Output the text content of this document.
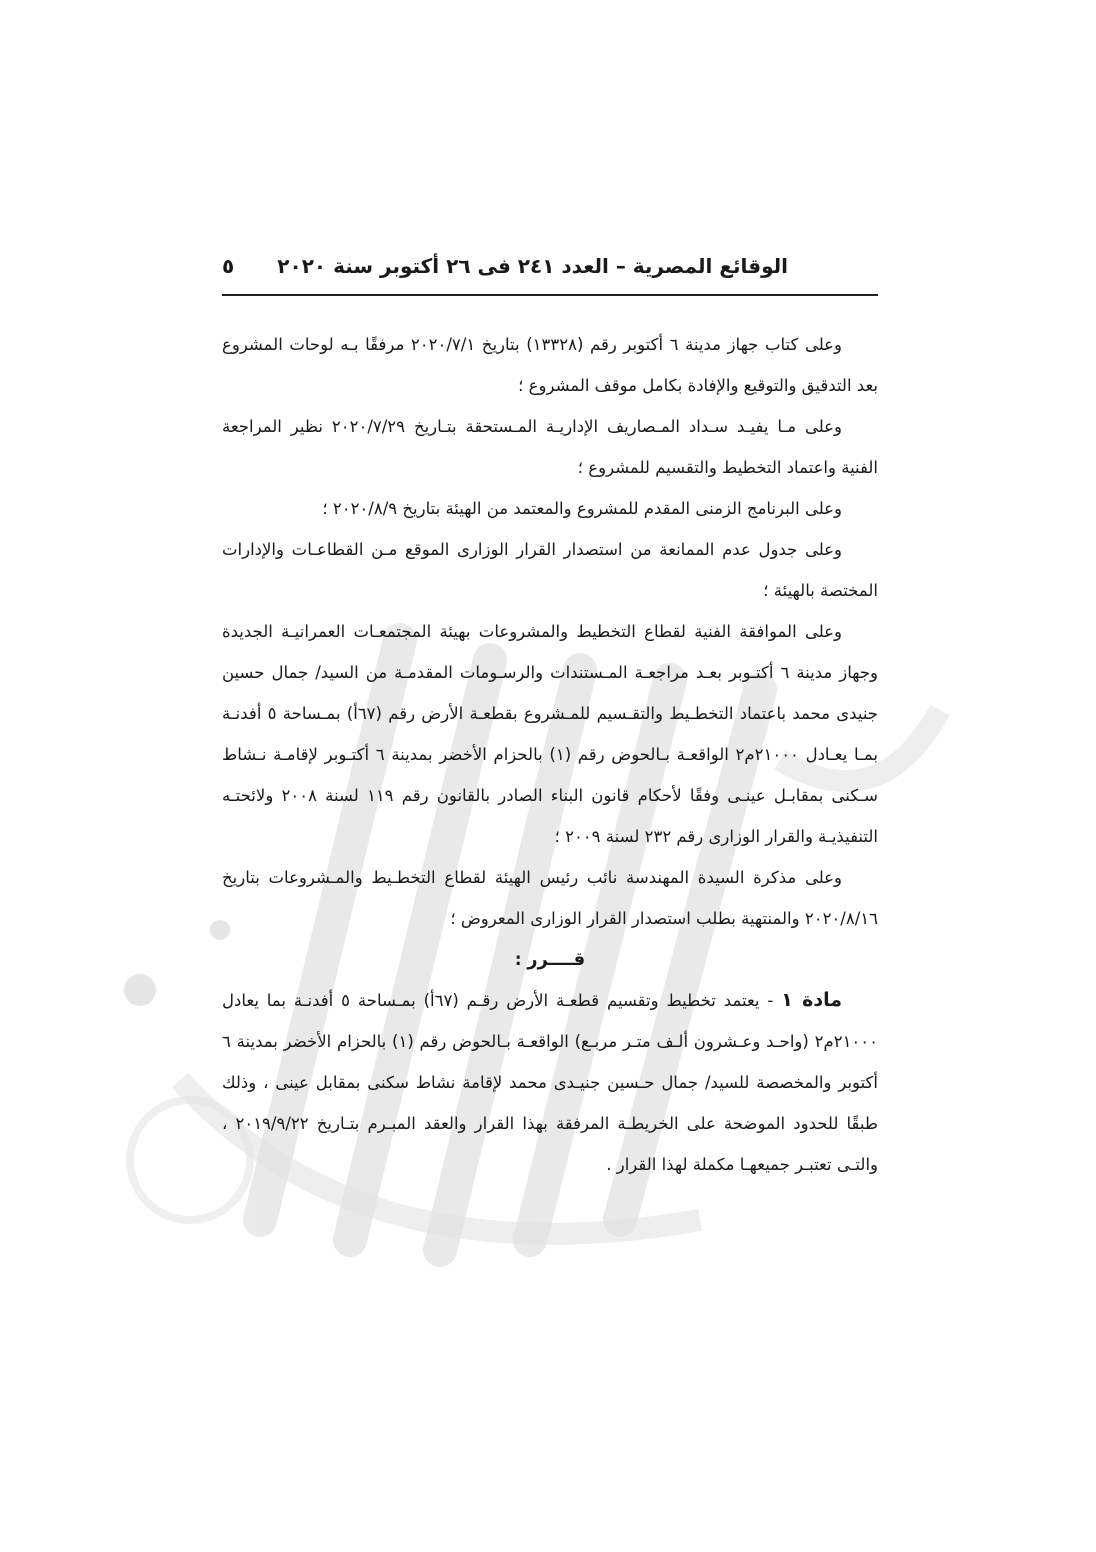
الوقائع المصرية – العدد ٢٤١ فى ٢٦ أكتوبر سنة ٢٠٢٠
٥

وعلى كتاب جهاز مدينة ٦ أكتوبر رقم (١٣٣٢٨) بتاريخ ٢٠٢٠/٧/١ مرفقًا بـه لوحات المشروع بعد التدقيق والتوقيع والإفادة بكامل موقف المشروع ؛

وعلى مـا يفيـد سـداد المـصاريف الإداريـة المـستحقة بتـاريخ ٢٠٢٠/٧/٢٩ نظير المراجعة الفنية واعتماد التخطيط والتقسيم للمشروع ؛

وعلى البرنامج الزمنى المقدم للمشروع والمعتمد من الهيئة بتاريخ ٢٠٢٠/٨/٩ ؛

وعلى جدول عدم الممانعة من استصدار القرار الوزارى الموقع مـن القطاعـات والإدارات المختصة بالهيئة ؛

وعلى الموافقة الفنية لقطاع التخطيط والمشروعات بهيئة المجتمعـات العمرانيـة الجديدة وجهاز مدينة ٦ أكتـوبر بعـد مراجعـة المـستندات والرسـومات المقدمـة من السيد/ جمال حسين جنيدى محمد باعتماد التخطـيط والتقـسيم للمـشروع بقطعـة الأرض رقم (٦٧أ) بمـساحة ٥ أفدنـة بمـا يعـادل ٢١٠٠٠م٢ الواقعـة بـالحوض رقم (١) بالحزام الأخضر بمدينة ٦ أكتـوبر لإقامـة نـشاط سـكنى بمقابـل عينـى وفقًا لأحكام قانون البناء الصادر بالقانون رقم ١١٩ لسنة ٢٠٠٨ ولائحتـه التنفيذيـة والقرار الوزارى رقم ٢٣٢ لسنة ٢٠٠٩ ؛

وعلى مذكرة السيدة المهندسة نائب رئيس الهيئة لقطاع التخطـيط والمـشروعات بتاريخ ٢٠٢٠/٨/١٦ والمنتهية بطلب استصدار القرار الوزارى المعروض ؛

قــــرر :

مادة ١ - يعتمد تخطيط وتقسيم قطعـة الأرض رقـم (٦٧أ) بمـساحة ٥ أفدنـة بما يعادل ٢١٠٠٠م٢ (واحـد وعـشرون ألـف متـر مربـع) الواقعـة بـالحوض رقم (١) بالحزام الأخضر بمدينة ٦ أكتوبر والمخصصة للسيد/ جمال حـسين جنيـدى محمد لإقامة نشاط سكنى بمقابل عينى ، وذلك طبقًا للحدود الموضحة على الخريطـة المرفقة بهذا القرار والعقد المبـرم بتـاريخ ٢٠١٩/٩/٢٢ ، والتـى تعتبـر جميعهـا مكملة لهذا القرار .
